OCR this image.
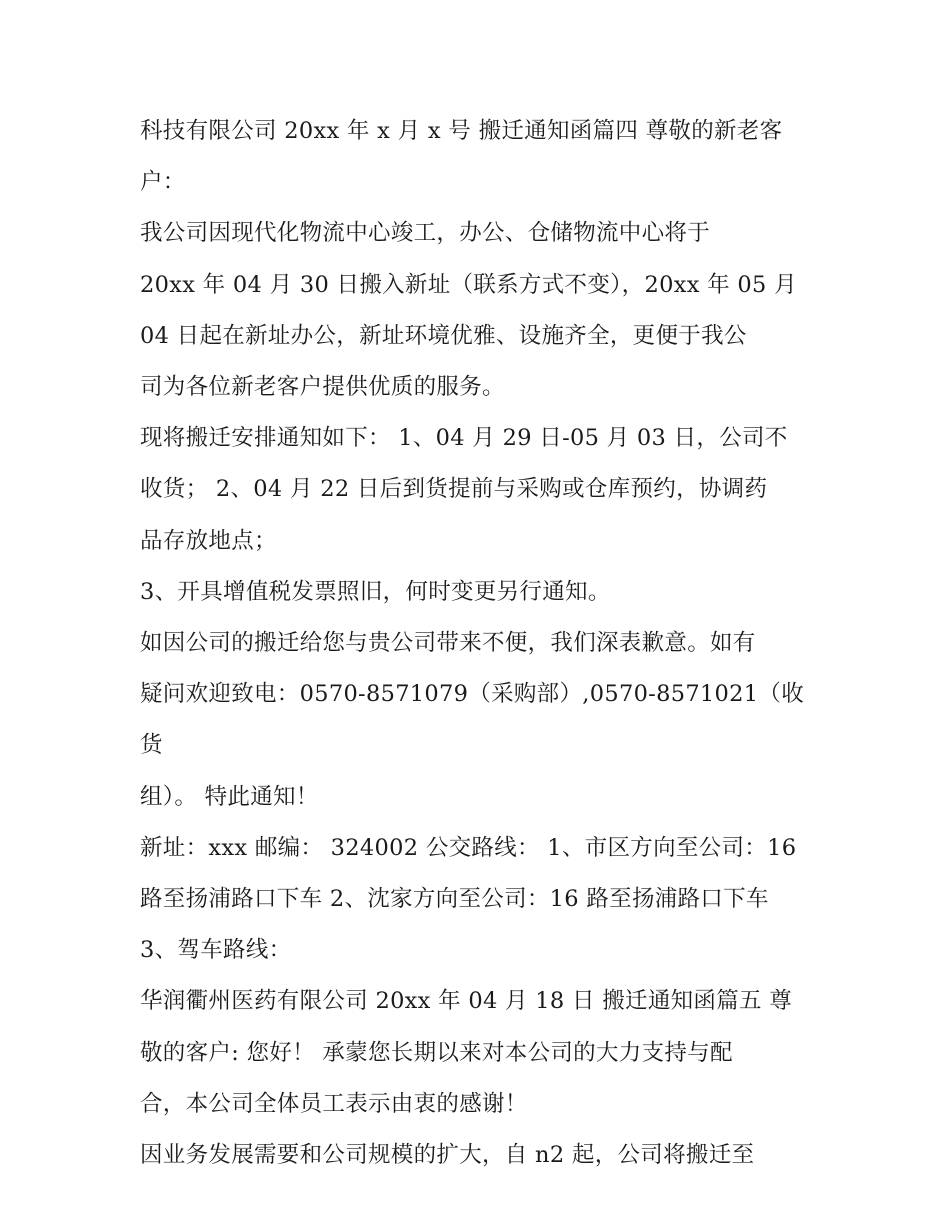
科技有限公司 20xx 年 x 月 x 号 搬迁通知函篇四 尊敬的新老客
户：

我公司因现代化物流中心竣工，办公、仓储物流中心将于
20xx 年 04 月 30 日搬入新址（联系方式不变），20xx 年 05 月
04 日起在新址办公，新址环境优雅、设施齐全，更便于我公
司为各位新老客户提供优质的服务。

现将搬迁安排通知如下： 1、04 月 29 日-05 月 03 日，公司不
收货； 2、04 月 22 日后到货提前与采购或仓库预约，协调药
品存放地点；

3、开具增值税发票照旧，何时变更另行通知。

如因公司的搬迁给您与贵公司带来不便，我们深表歉意。如有
疑问欢迎致电：0570-8571079（采购部）,0570-8571021（收货
组）。 特此通知！

新址：xxx 邮编： 324002 公交路线： 1、市区方向至公司：16
路至扬浦路口下车 2、沈家方向至公司：16 路至扬浦路口下车
3、驾车路线：

华润衢州医药有限公司 20xx 年 04 月 18 日 搬迁通知函篇五 尊
敬的客户: 您好！ 承蒙您长期以来对本公司的大力支持与配
合，本公司全体员工表示由衷的感谢！

因业务发展需要和公司规模的扩大，自 n2 起，公司将搬迁至
